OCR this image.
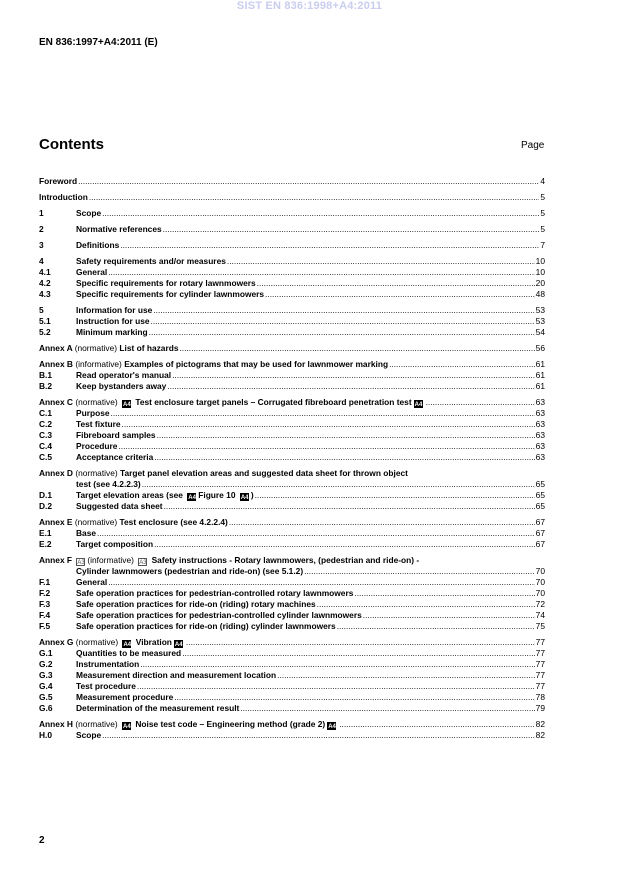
SIST EN 836:1998+A4:2011
EN 836:1997+A4:2011 (E)
Contents	Page
Foreword .....	4
Introduction .....	5
1	Scope .....	5
2	Normative references .....	5
3	Definitions .....	7
4	Safety requirements and/or measures .....	10
4.1	General .....	10
4.2	Specific requirements for rotary lawnmowers .....	20
4.3	Specific requirements for cylinder lawnmowers .....	48
5	Information for use .....	53
5.1	Instruction for use .....	53
5.2	Minimum marking .....	54
Annex A (normative) List of hazards .....	56
Annex B (informative) Examples of pictograms that may be used for lawnmower marking .....	61
B.1	Read operator's manual .....	61
B.2	Keep bystanders away .....	61
Annex C (normative) A4 Test enclosure target panels – Corrugated fibreboard penetration test A4 .....	63
C.1	Purpose .....	63
C.2	Test fixture .....	63
C.3	Fibreboard samples .....	63
C.4	Procedure .....	63
C.5	Acceptance criteria .....	63
Annex D (normative) Target panel elevation areas and suggested data sheet for thrown object
test (see 4.2.2.3) .....	65
D.1	Target elevation areas (see A4 Figure 10 A4 ) .....	65
D.2	Suggested data sheet .....	65
Annex E (normative) Test enclosure (see 4.2.2.4) .....	67
E.1	Base .....	67
E.2	Target composition .....	67
Annex F A3 (informative) A3 Safety instructions - Rotary lawnmowers, (pedestrian and ride-on) -
Cylinder lawnmowers (pedestrian and ride-on) (see 5.1.2) .....	70
F.1	General .....	70
F.2	Safe operation practices for pedestrian-controlled rotary lawnmowers .....	70
F.3	Safe operation practices for ride-on (riding) rotary machines .....	72
F.4	Safe operation practices for pedestrian-controlled cylinder lawnmowers .....	74
F.5	Safe operation practices for ride-on (riding) cylinder lawnmowers .....	75
Annex G (normative) A4 Vibration A4 .....	77
G.1	Quantities to be measured .....	77
G.2	Instrumentation .....	77
G.3	Measurement direction and measurement location .....	77
G.4	Test procedure .....	77
G.5	Measurement procedure .....	78
G.6	Determination of the measurement result .....	79
Annex H (normative) A4 Noise test code – Engineering method (grade 2) A4 .....	82
H.0	Scope .....	82
2
